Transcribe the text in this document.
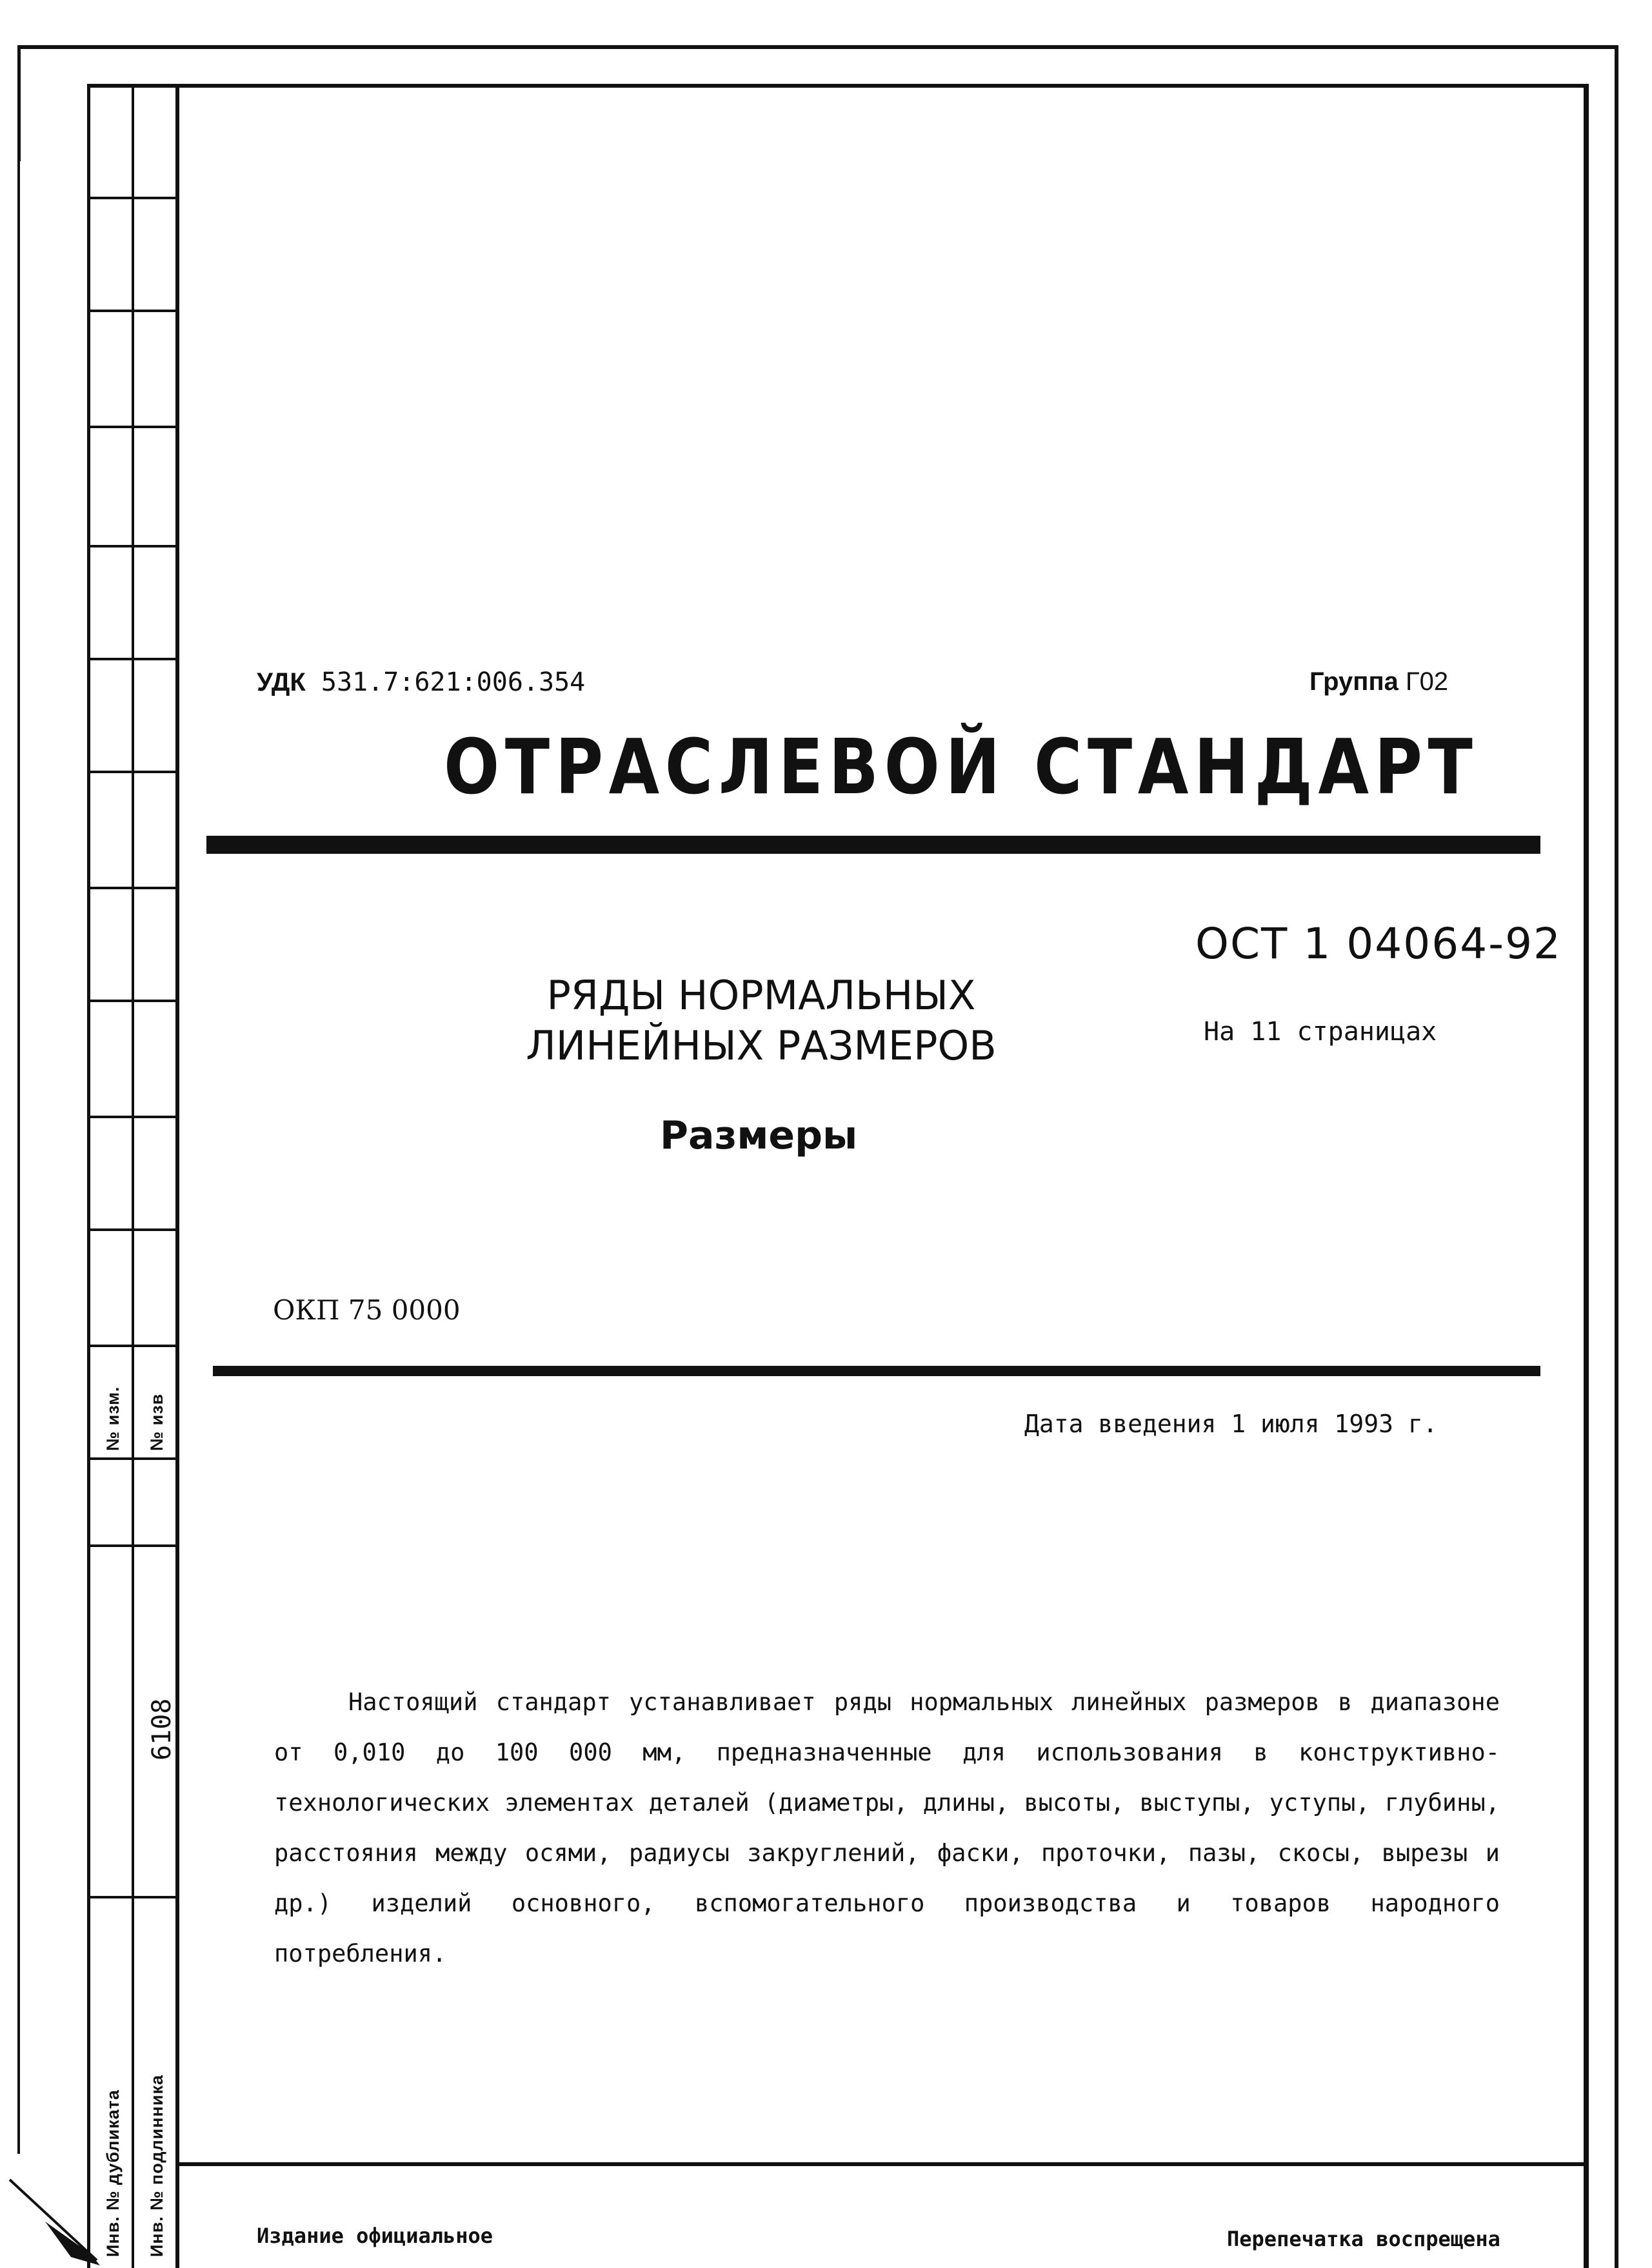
№ изм. № изв
6108
Инв. № дубликата Инв. № подлинника
УДК 531.7:621:006.354	Группа Г02
ОТРАСЛЕВОЙ СТАНДАРТ
ОСТ 1 04064-92
На 11 страницах
РЯДЫ НОРМАЛЬНЫХ
ЛИНЕЙНЫХ РАЗМЕРОВ
Размеры
ОКП 75 0000
Дата введения 1 июля 1993 г.
Настоящий стандарт устанавливает ряды нормальных линейных размеров в диапазоне от 0,010 до 100 000 мм, предназначенные для использования в конструктивно-технологических элементах деталей (диаметры, длины, высоты, выступы, уступы, глубины, расстояния между осями, радиусы закруглений, фаски, проточки, пазы, скосы, вырезы и др.) изделий основного, вспомогательного производства и товаров народного потребления.
Издание официальное	Перепечатка воспрещена
